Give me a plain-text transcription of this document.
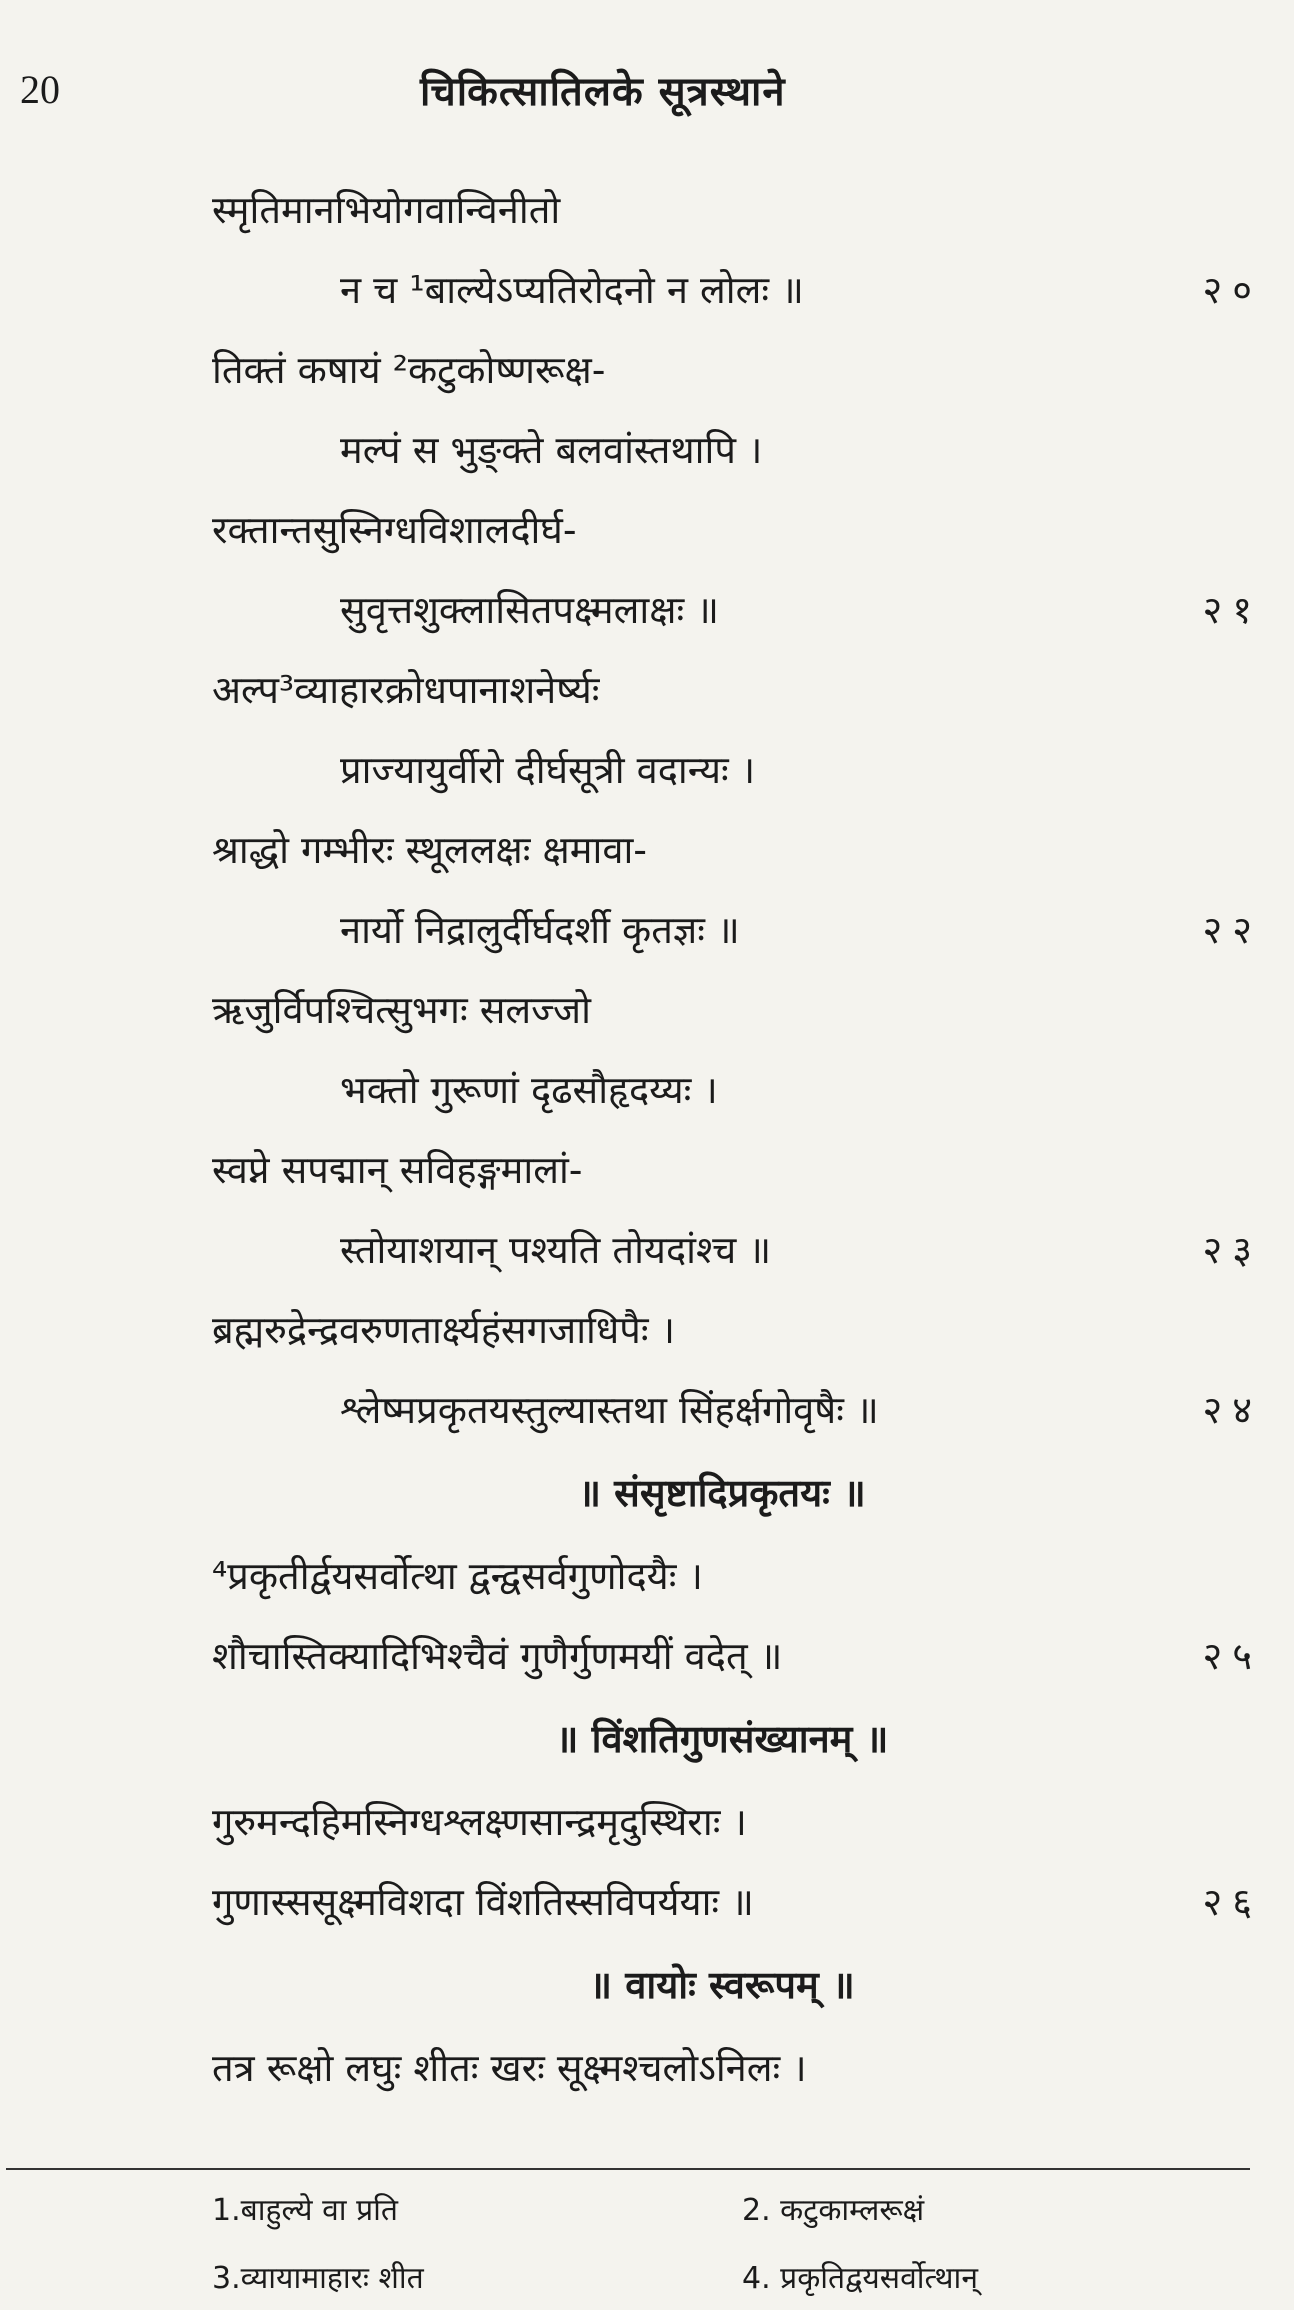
20	चिकित्सातिलके सूत्रस्थाने
स्मृतिमानभियोगवान्विनीतो
न च ¹बाल्येऽप्यतिरोदनो न लोलः ॥	२०
तिक्तं कषायं ²कटुकोष्णरूक्ष-
मल्पं स भुङ्क्ते बलवांस्तथापि ।
रक्तान्तसुस्निग्धविशालदीर्घ-
सुवृत्तशुक्लासितपक्ष्मलाक्षः ॥	२१
अल्प³व्याहारक्रोधपानाशनेर्ष्यः
प्राज्यायुर्वीरो दीर्घसूत्री वदान्यः ।
श्राद्धो गम्भीरः स्थूललक्षः क्षमावा-
नार्यो निद्रालुर्दीर्घदर्शी कृतज्ञः ॥	२२
ऋजुर्विपश्चित्सुभगः सलज्जो
भक्तो गुरूणां दृढसौहृदय्यः ।
स्वप्ने सपद्मान् सविहङ्गमालां-
स्तोयाशयान् पश्यति तोयदांश्च ॥	२३
ब्रह्मरुद्रेन्द्रवरुणतार्क्ष्यहंसगजाधिपैः ।
श्लेष्मप्रकृतयस्तुल्यास्तथा सिंहर्क्षगोवृषैः ॥	२४
॥ संसृष्टादिप्रकृतयः ॥
⁴प्रकृतीर्द्वयसर्वोत्था द्वन्द्वसर्वगुणोदयैः ।
शौचास्तिक्यादिभिश्चैवं गुणैर्गुणमयीं वदेत् ॥	२५
॥ विंशतिगुणसंख्यानम् ॥
गुरुमन्दहिमस्निग्धश्लक्ष्णसान्द्रमृदुस्थिराः ।
गुणास्ससूक्ष्मविशदा विंशतिस्सविपर्ययाः ॥	२६
॥ वायोः स्वरूपम् ॥
तत्र रूक्षो लघुः शीतः खरः सूक्ष्मश्चलोऽनिलः ।
1.बाहुल्ये वा प्रति	2. कटुकाम्लरूक्षं
3.व्यायामाहारः शीत	4. प्रकृतिद्वयसर्वोत्थान्
